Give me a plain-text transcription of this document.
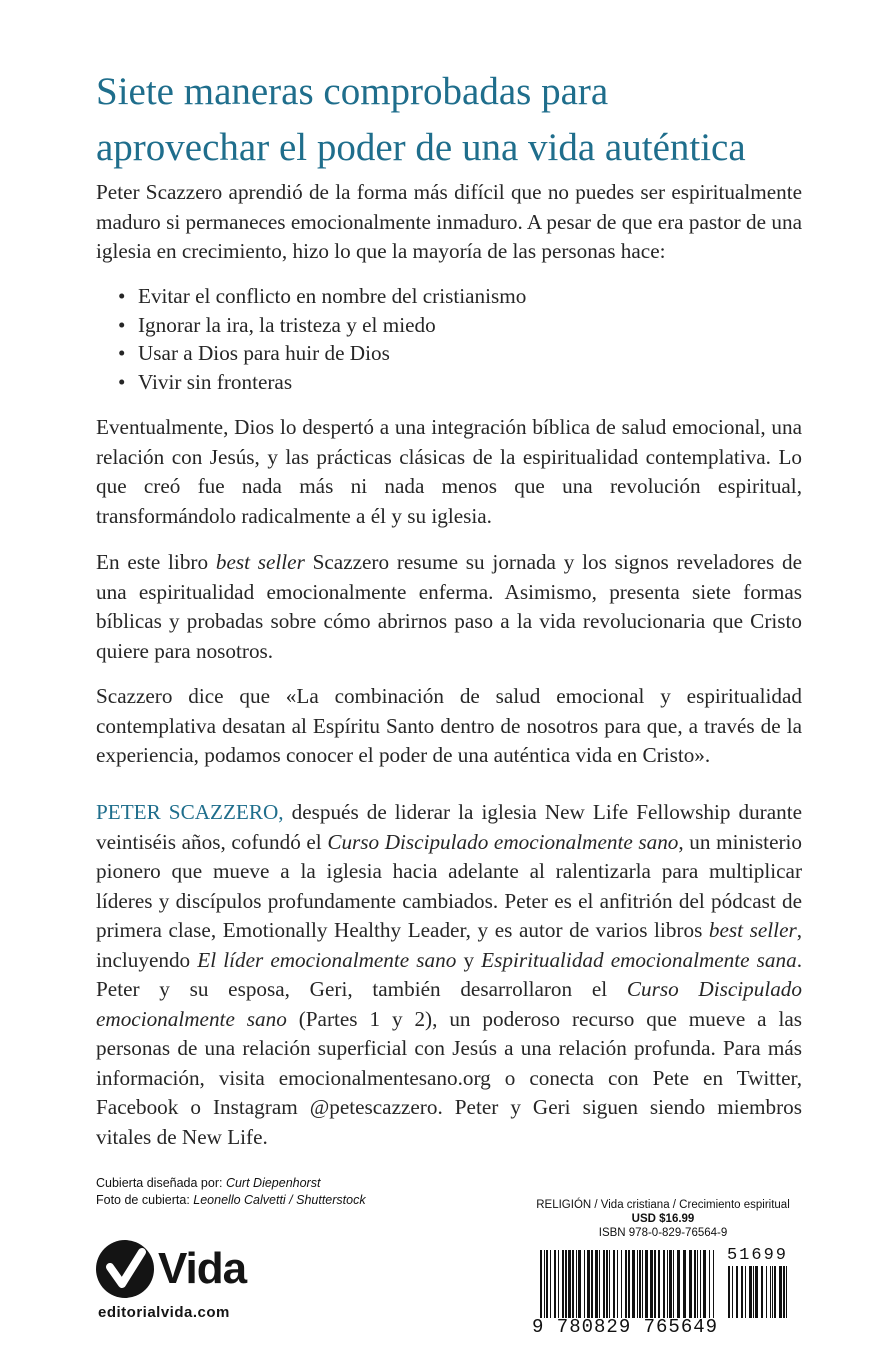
Siete maneras comprobadas para
aprovechar el poder de una vida auténtica

Peter Scazzero aprendió de la forma más difícil que no puedes ser espiritualmente maduro si permaneces emocionalmente inmaduro. A pesar de que era pastor de una iglesia en crecimiento, hizo lo que la mayoría de las personas hace:

• Evitar el conflicto en nombre del cristianismo
• Ignorar la ira, la tristeza y el miedo
• Usar a Dios para huir de Dios
• Vivir sin fronteras

Eventualmente, Dios lo despertó a una integración bíblica de salud emocional, una relación con Jesús, y las prácticas clásicas de la espiritualidad contemplativa. Lo que creó fue nada más ni nada menos que una revolución espiritual, transformándolo radicalmente a él y su iglesia.

En este libro best seller Scazzero resume su jornada y los signos reveladores de una espiritualidad emocionalmente enferma. Asimismo, presenta siete formas bíblicas y probadas sobre cómo abrirnos paso a la vida revolucionaria que Cristo quiere para nosotros.

Scazzero dice que «La combinación de salud emocional y espiritualidad contemplativa desatan al Espíritu Santo dentro de nosotros para que, a través de la experiencia, podamos conocer el poder de una auténtica vida en Cristo».

PETER SCAZZERO, después de liderar la iglesia New Life Fellowship durante veintiséis años, cofundó el Curso Discipulado emocionalmente sano, un ministerio pionero que mueve a la iglesia hacia adelante al ralentizarla para multiplicar líderes y discípulos profundamente cambiados. Peter es el anfitrión del pódcast de primera clase, Emotionally Healthy Leader, y es autor de varios libros best seller, incluyendo El líder emocionalmente sano y Espiritualidad emocionalmente sana. Peter y su esposa, Geri, también desarrollaron el Curso Discipulado emocionalmente sano (Partes 1 y 2), un poderoso recurso que mueve a las personas de una relación superficial con Jesús a una relación profunda. Para más información, visita emocionalmentesano.org o conecta con Pete en Twitter, Facebook o Instagram @petescazzero. Peter y Geri siguen siendo miembros vitales de New Life.

Cubierta diseñada por: Curt Diepenhorst
Foto de cubierta: Leonello Calvetti / Shutterstock
Vida
editorialvida.com
RELIGIÓN / Vida cristiana / Crecimiento espiritual
USD $16.99
ISBN 978-0-829-76564-9
51699
9 780829 765649
